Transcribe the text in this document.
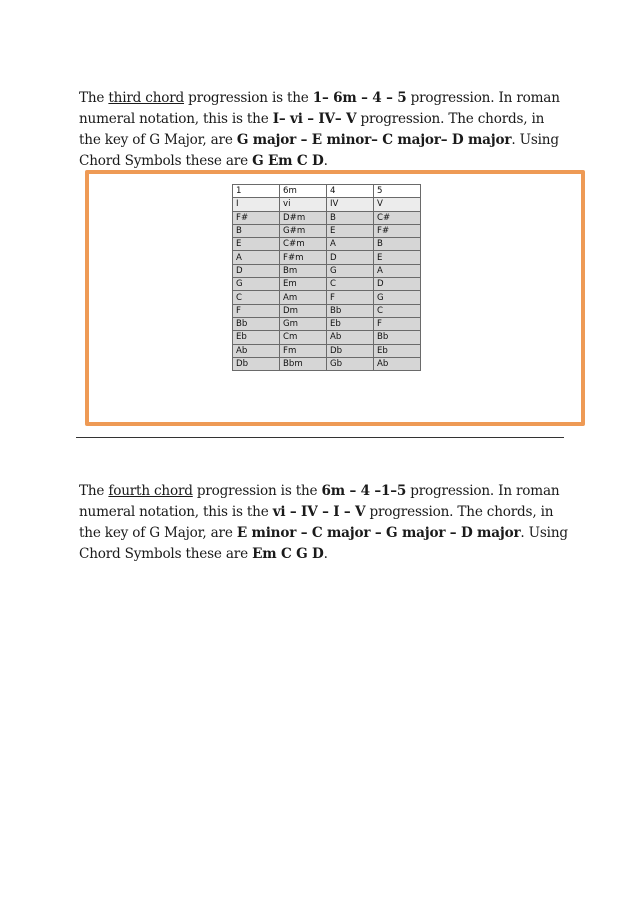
The third chord progression is the 1– 6m – 4 – 5 progression. In roman numeral notation, this is the I– vi – IV– V progression. The chords, in the key of G Major, are G major – E minor– C major– D major. Using Chord Symbols these are G Em C D.

1	6m	4	5
I	vi	IV	V
F#	D#m	B	C#
B	G#m	E	F#
E	C#m	A	B
A	F#m	D	E
D	Bm	G	A
G	Em	C	D
C	Am	F	G
F	Dm	Bb	C
Bb	Gm	Eb	F
Eb	Cm	Ab	Bb
Ab	Fm	Db	Eb
Db	Bbm	Gb	Ab

The fourth chord progression is the 6m – 4 –1–5 progression. In roman numeral notation, this is the vi – IV – I – V progression. The chords, in the key of G Major, are E minor – C major – G major – D major. Using Chord Symbols these are Em C G D.
